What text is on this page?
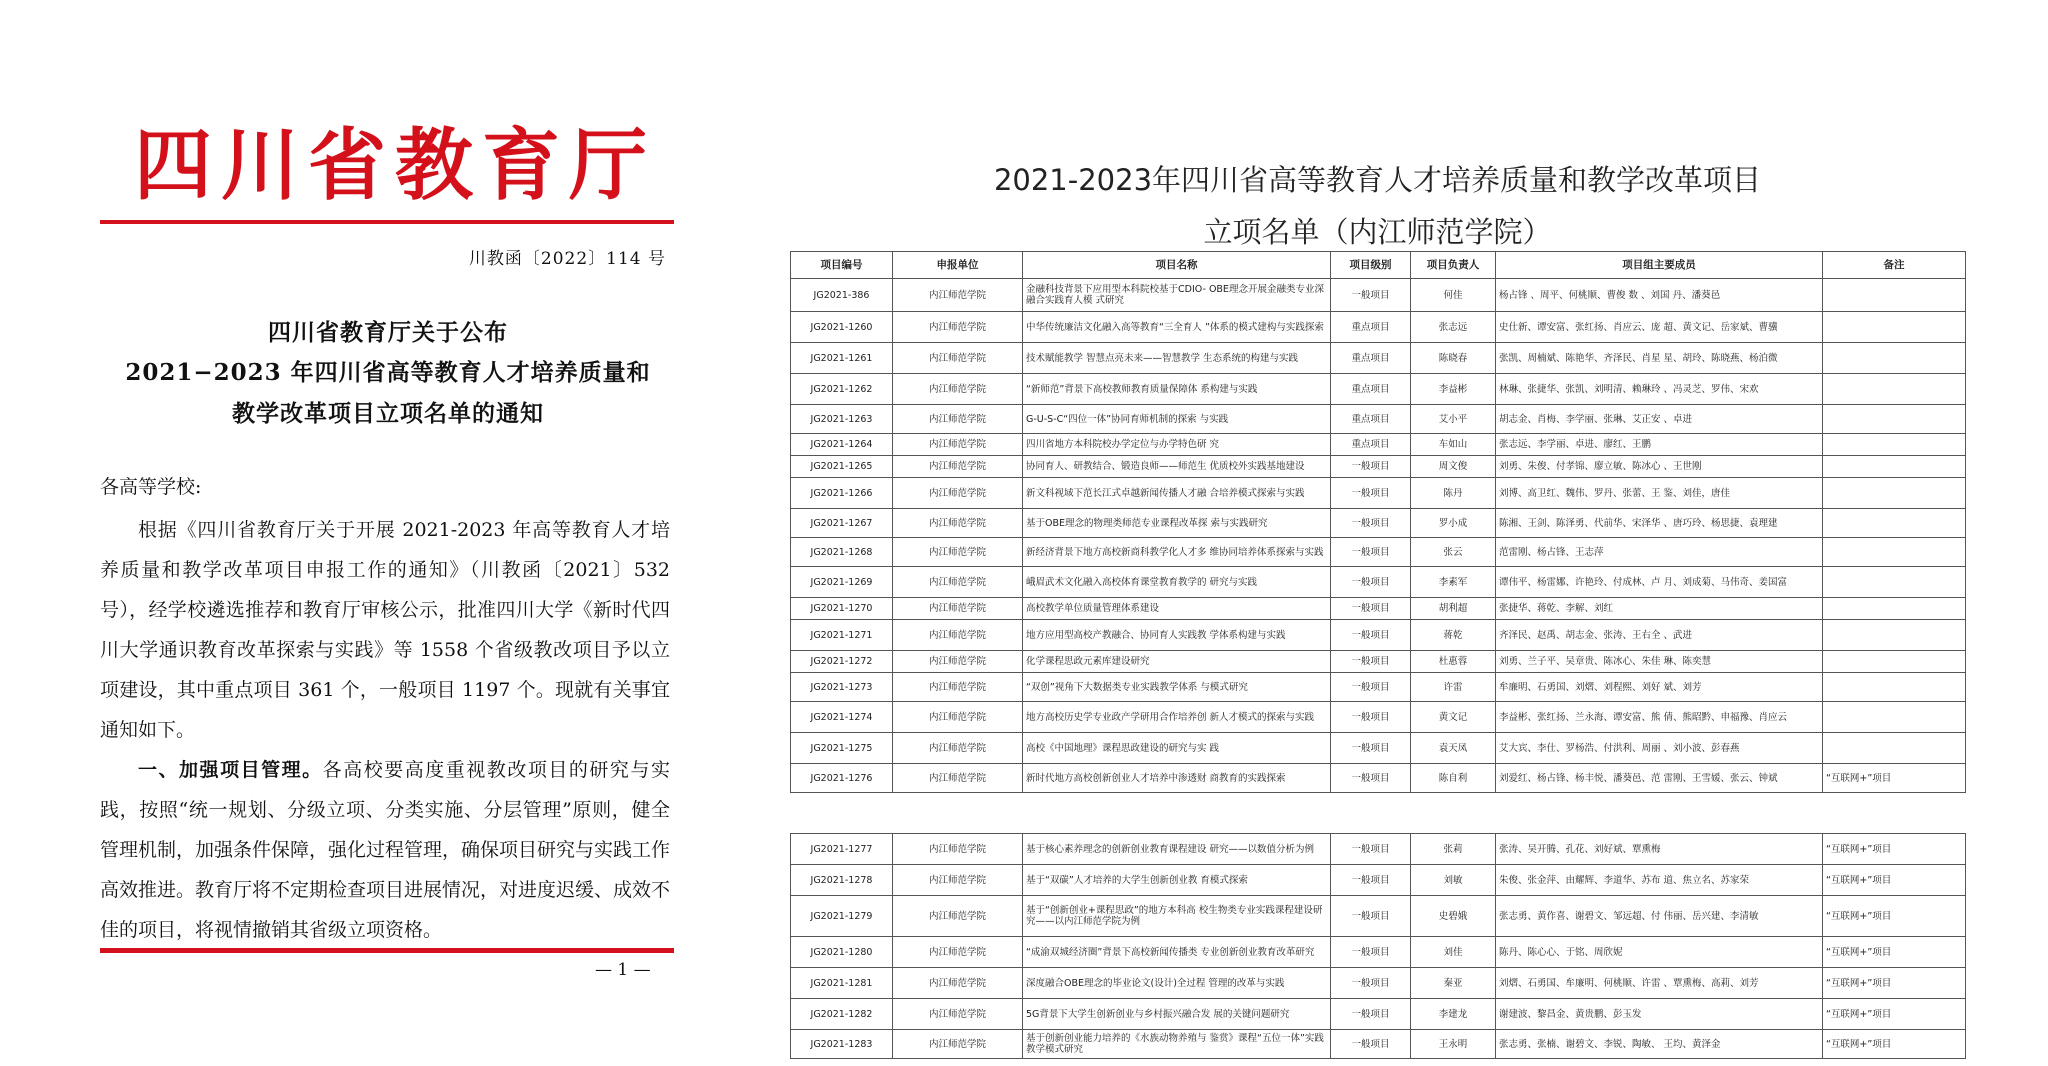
四川省教育厅
川教函〔2022〕114 号
四川省教育厅关于公布
2021−2023 年四川省高等教育人才培养质量和
教学改革项目立项名单的通知
各高等学校:
根据《四川省教育厅关于开展 2021-2023 年高等教育人才培养质量和教学改革项目申报工作的通知》（川教函〔2021〕532 号），经学校遴选推荐和教育厅审核公示，批准四川大学《新时代四川大学通识教育改革探索与实践》等 1558 个省级教改项目予以立项建设，其中重点项目 361 个，一般项目 1197 个。现就有关事宜通知如下。
一、加强项目管理。各高校要高度重视教改项目的研究与实践，按照“统一规划、分级立项、分类实施、分层管理”原则，健全管理机制，加强条件保障，强化过程管理，确保项目研究与实践工作高效推进。教育厅将不定期检查项目进展情况，对进度迟缓、成效不佳的项目，将视情撤销其省级立项资格。
— 1 —
2021-2023年四川省高等教育人才培养质量和教学改革项目
立项名单（内江师范学院）
项目编号	申报单位	项目名称	项目级别	项目负责人	项目组主要成员	备注
JG2021-386	内江师范学院	金融科技背景下应用型本科院校基于CDIO- OBE理念开展金融类专业深融合实践育人模 式研究	一般项目	何佳	杨占锋 、周平、何桃顺、曹俊 数 、刘国 丹、潘葵邑	
JG2021-1260	内江师范学院	中华传统廉洁文化融入高等教育“三全育人 ”体系的模式建构与实践探索	重点项目	张志远	史仕新、谭安富、张红扬、肖应云、庞 超、黄文记、岳家斌、曹骥	
JG2021-1261	内江师范学院	技术赋能教学 智慧点亮未来——智慧教学 生态系统的构建与实践	重点项目	陈晓春	张凯、周楠斌、陈艳华、齐泽民、肖星 星、胡玲、陈晓燕、杨泊微	
JG2021-1262	内江师范学院	“新师范”背景下高校教师教育质量保障体 系构建与实践	重点项目	李益彬	林琳、张捷华、张凯、刘明清、赖琳玲 、冯灵芝、罗伟、宋欢	
JG2021-1263	内江师范学院	G-U-S-C“四位一体”协同育师机制的探索 与实践	重点项目	艾小平	胡志金、肖梅、李学丽、张琳、艾正安 、卓进	
JG2021-1264	内江师范学院	四川省地方本科院校办学定位与办学特色研 究	重点项目	车如山	张志远、李学丽、卓进、廖红、王鹏	
JG2021-1265	内江师范学院	协同育人、研教结合、锻造良师——师范生 优质校外实践基地建设	一般项目	周文俊	刘勇、朱俊、付孝锦、廖立敏、陈冰心 、王世刚	
JG2021-1266	内江师范学院	新文科视域下范长江式卓越新闻传播人才融 合培养模式探索与实践	一般项目	陈丹	刘博、高卫红、魏伟、罗丹、张蕾、王 鉴、刘佳，唐佳	
JG2021-1267	内江师范学院	基于OBE理念的物理类师范专业课程改革探 索与实践研究	一般项目	罗小成	陈湘、王剑、陈泽勇、代前华、宋泽华 、唐巧玲、杨思捷、袁理建	
JG2021-1268	内江师范学院	新经济背景下地方高校新商科教学化人才多 维协同培养体系探索与实践	一般项目	张云	范雷刚、杨占锋、王志萍	
JG2021-1269	内江师范学院	峨眉武术文化融入高校体育课堂教育教学的 研究与实践	一般项目	李素军	谭伟平、杨雷娜、许艳玲、付成林、卢 月、刘成菊、马伟奇、姜国富	
JG2021-1270	内江师范学院	高校教学单位质量管理体系建设	一般项目	胡利超	张捷华、蒋乾、李解、刘红	
JG2021-1271	内江师范学院	地方应用型高校产教融合、协同育人实践教 学体系构建与实践	一般项目	蒋乾	齐泽民、赵禹、胡志金、张涛、王右全 、武进	
JG2021-1272	内江师范学院	化学课程思政元素库建设研究	一般项目	杜惠蓉	刘勇、兰子平、吴章贵、陈冰心、朱佳 琳、陈奕慧	
JG2021-1273	内江师范学院	“双创”视角下大数据类专业实践教学体系 与模式研究	一般项目	许雷	牟廉明、石勇国、刘熠、刘程熙、刘好 斌、刘芳	
JG2021-1274	内江师范学院	地方高校历史学专业政产学研用合作培养创 新人才模式的探索与实践	一般项目	黄文记	李益彬、张红扬、兰永海、谭安富、熊 倩、熊昭黔、申福豫、肖应云	
JG2021-1275	内江师范学院	高校《中国地理》课程思政建设的研究与实 践	一般项目	袁天凤	艾大宾、李仕、罗杨浩、付洪利、周丽 、刘小波、彭春燕	
JG2021-1276	内江师范学院	新时代地方高校创新创业人才培养中渗透财 商教育的实践探索	一般项目	陈自利	刘爱红、杨占锋、杨丰悦、潘葵邑、范 雷刚、王雪媛、张云、钟斌	“互联网+”项目
JG2021-1277	内江师范学院	基于核心素养理念的创新创业教育课程建设 研究——以数值分析为例	一般项目	张莉	张涛、吴开腾、孔花、刘好斌、覃熏梅	“互联网+”项目
JG2021-1278	内江师范学院	基于“双碳”人才培养的大学生创新创业教 育模式探索	一般项目	刘敏	朱俊、张金萍、由耀辉、李道华、苏布 道、焦立名、苏家荣	“互联网+”项目
JG2021-1279	内江师范学院	基于“创新创业+课程思政”的地方本科高 校生物类专业实践课程建设研究——以内江师范学院为例	一般项目	史碧娥	张志勇、黄作喜、谢碧文、邹远超、付 伟丽、岳兴建、李清敏	“互联网+”项目
JG2021-1280	内江师范学院	“成渝双城经济圈”背景下高校新闻传播类 专业创新创业教育改革研究	一般项目	刘佳	陈丹、陈心心、于铭、周欣妮	“互联网+”项目
JG2021-1281	内江师范学院	深度融合OBE理念的毕业论文(设计)全过程 管理的改革与实践	一般项目	秦亚	刘熠、石勇国、牟廉明、何桃顺、许雷 、覃熏梅、高莉、刘芳	“互联网+”项目
JG2021-1282	内江师范学院	5G背景下大学生创新创业与乡村振兴融合发 展的关键问题研究	一般项目	李建龙	谢建波、黎昌金、黄贵鹏、彭玉发	“互联网+”项目
JG2021-1283	内江师范学院	基于创新创业能力培养的《水族动物养殖与 鉴赏》课程“五位一体”实践教学模式研究	一般项目	王永明	张志勇、张楠、谢碧文、李锐、陶敏、 王均、黄泽金	“互联网+”项目
